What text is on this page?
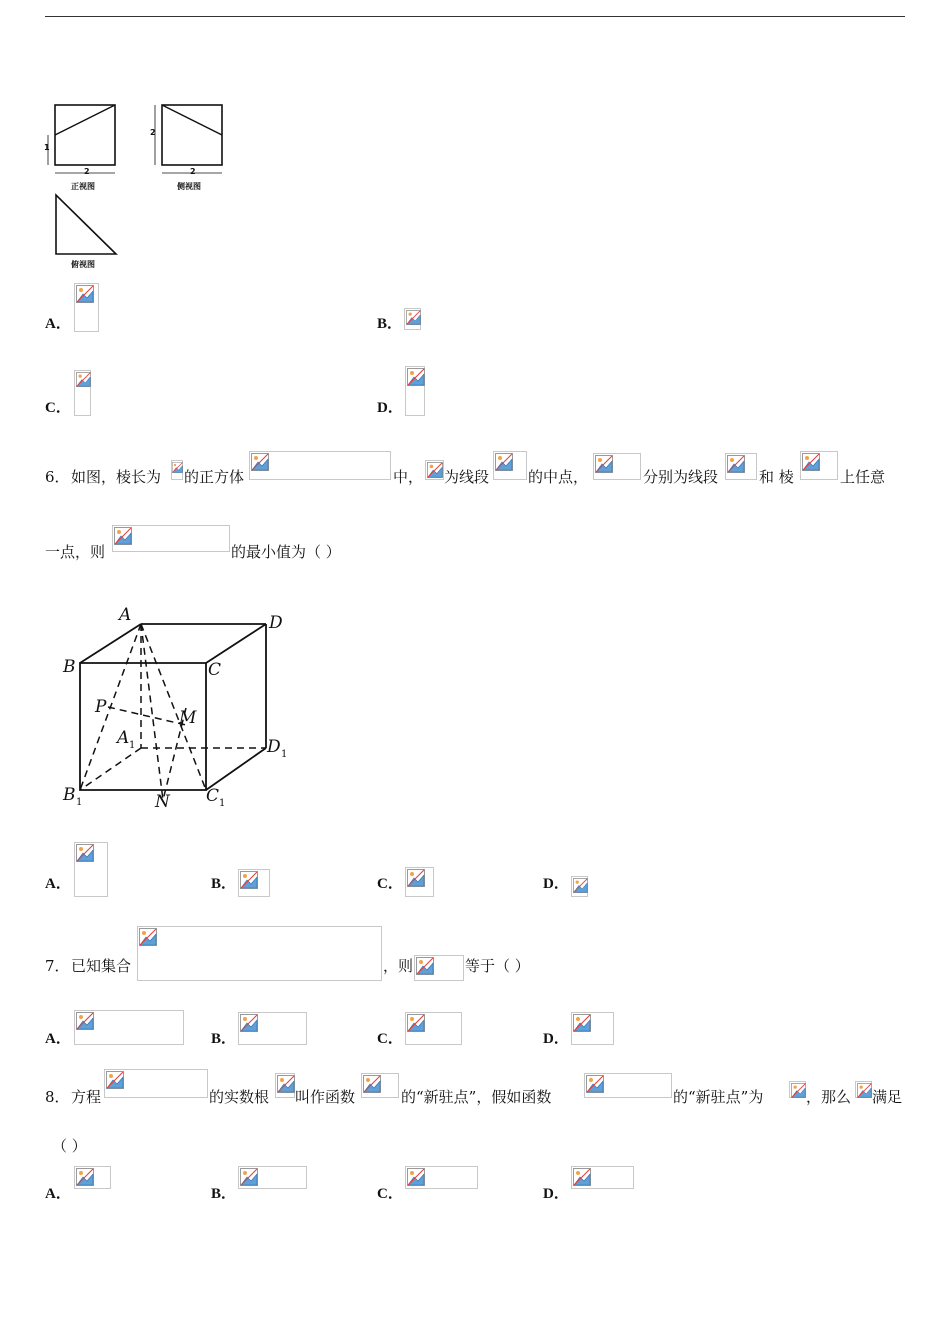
1
2
2
2
正视图	侧视图
俯视图
A．	B．
C．	D．
6． 如图，棱长为 的正方体	中， 为线段	的中点，	分别为线段	和 棱	上任意
一点，则	的最小值为（ ）
A
B	C
D
A
B	C
D
P
M
N
1
1	1
1
A．	B．	C．	D．
7． 已知集合	，则	等于（ ）
A．	B．	C．	D．
8． 方程	的实数根 叫作函数	的“新驻点”，假如函数	的“新驻点”为	，那么 满足
（ ）
A．	B．	C．	D．
